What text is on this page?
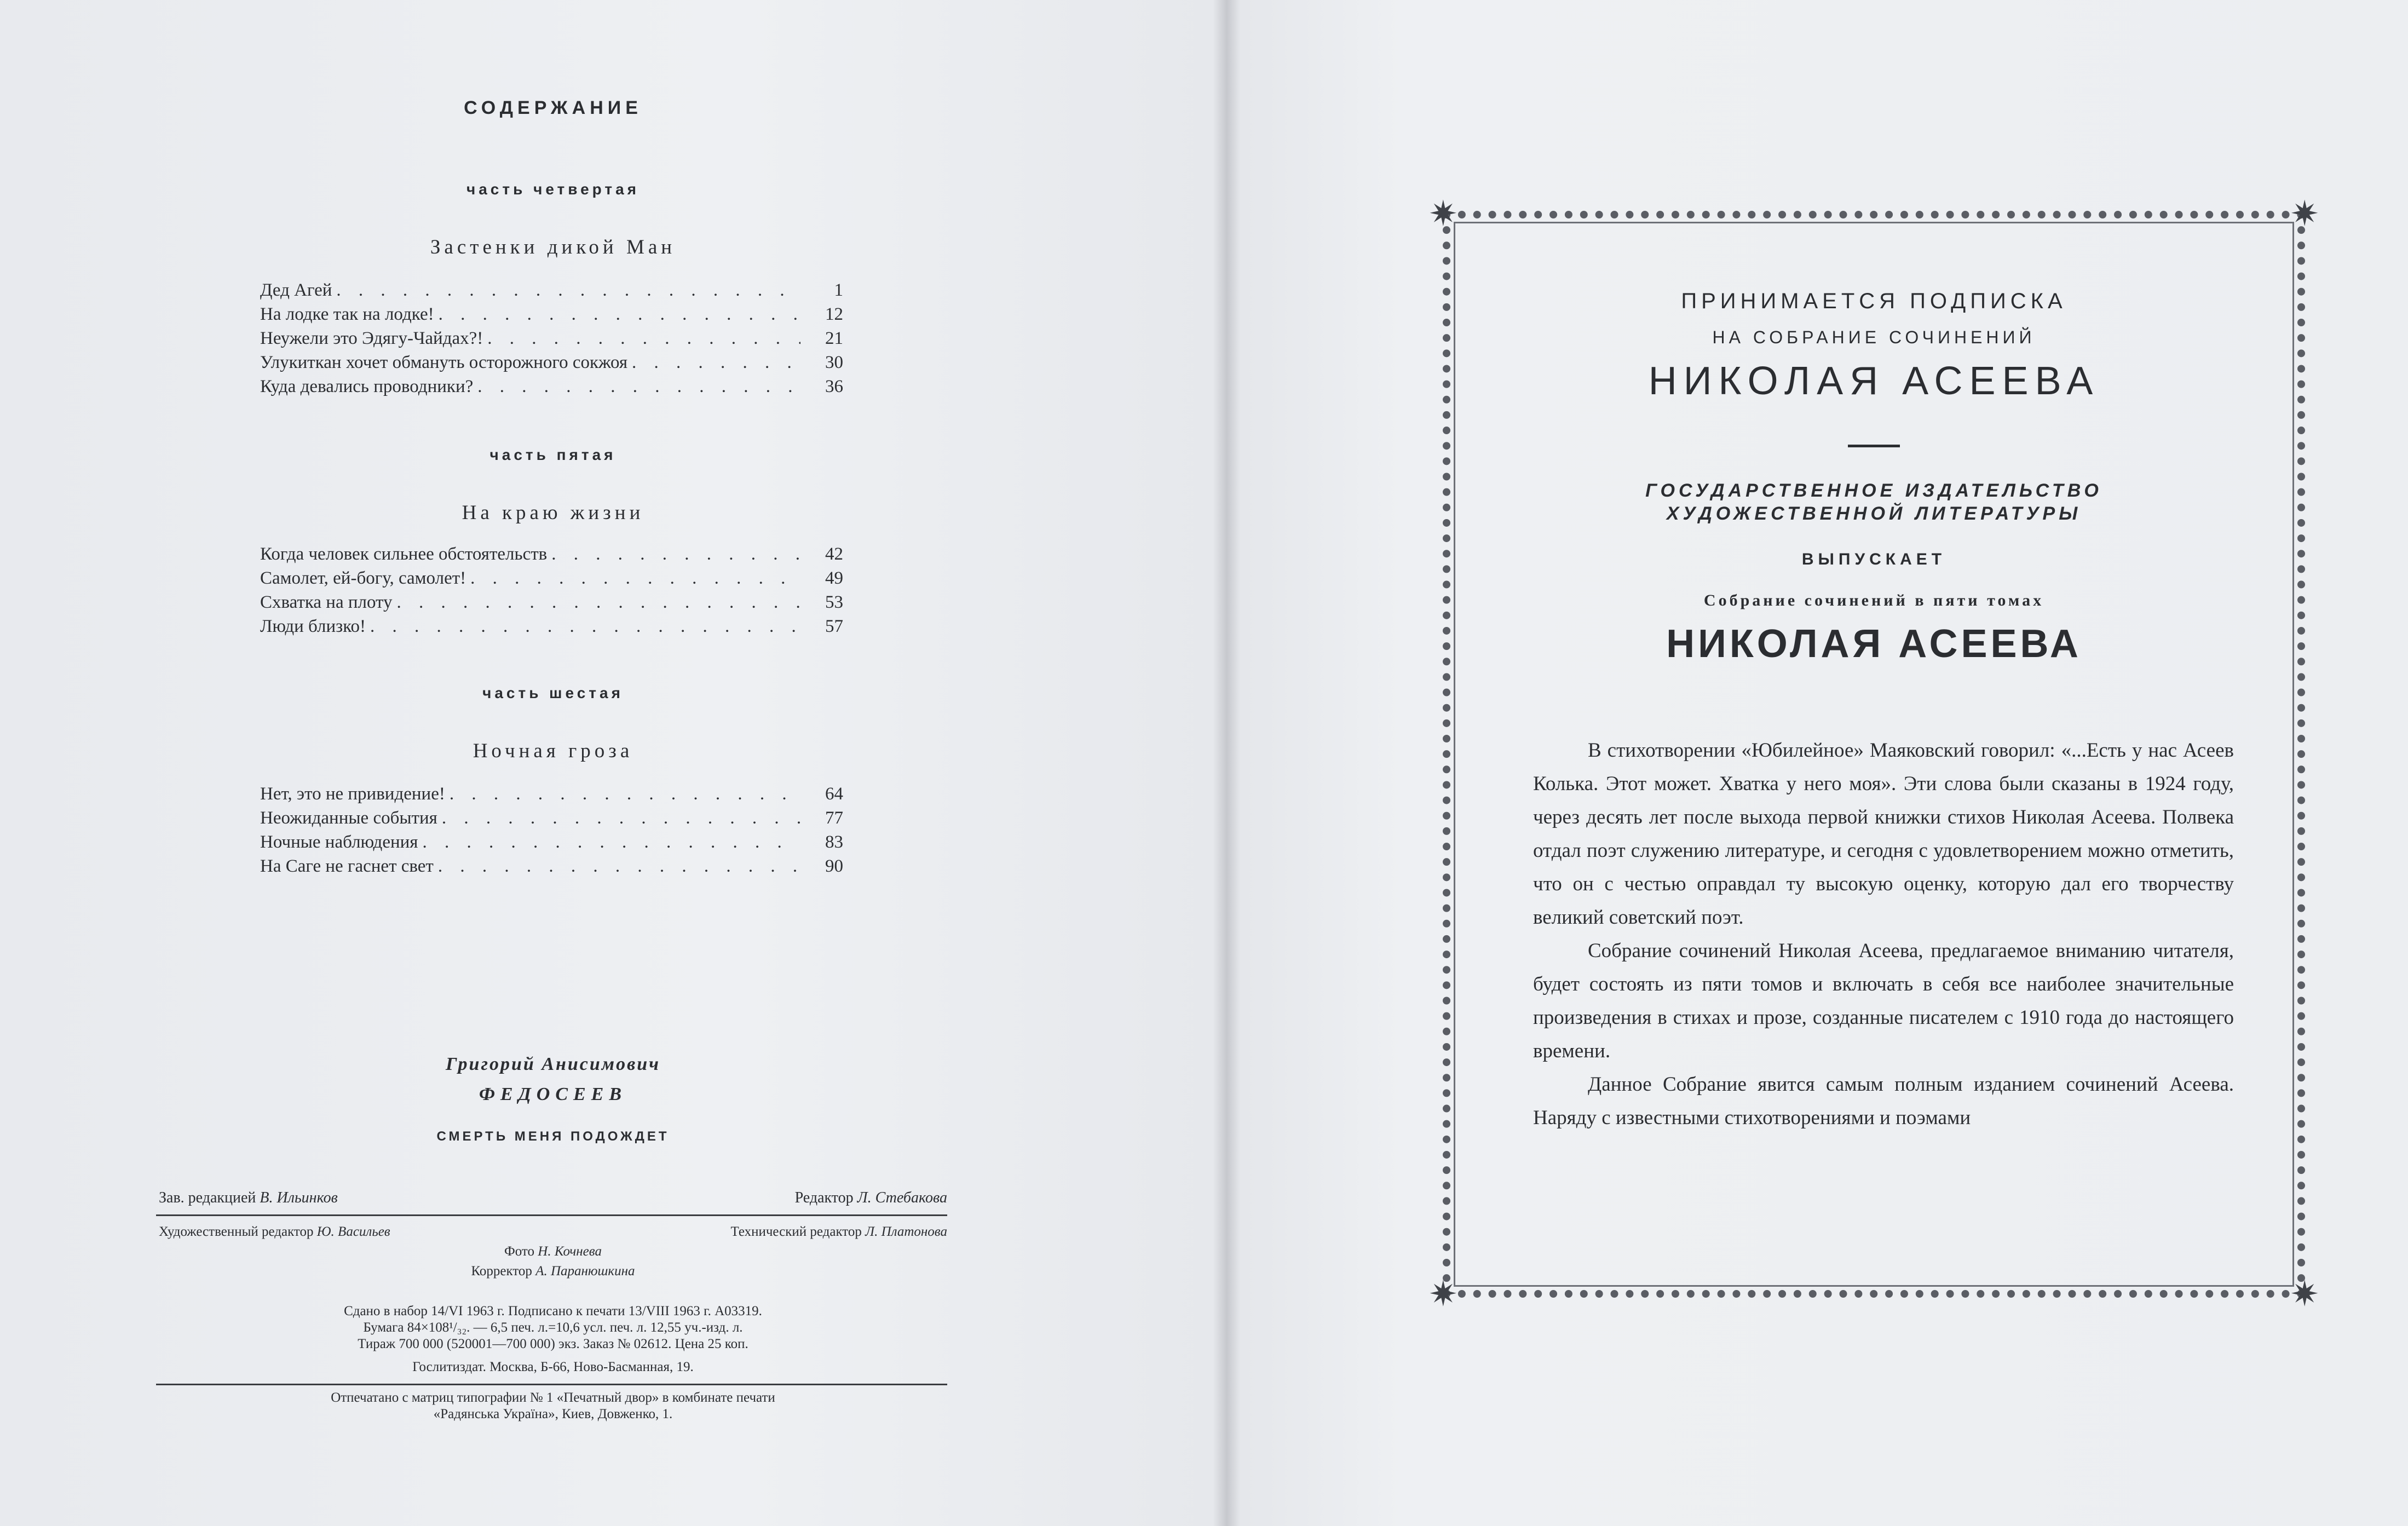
СОДЕРЖАНИЕ
часть четвертая
Застенки дикой Ман
Дед Агей . . .	1
На лодке так на лодке! . . .	12
Неужели это Эдягу-Чайдах?! . . .	21
Улукиткан хочет обмануть осторожного сокжоя . . .	30
Куда девались проводники? . . .	36
часть пятая
На краю жизни
Когда человек сильнее обстоятельств . . .	42
Самолет, ей-богу, самолет! . . .	49
Схватка на плоту . . .	53
Люди близко! . . .	57
часть шестая
Ночная гроза
Нет, это не привидение! . . .	64
Неожиданные события . . .	77
Ночные наблюдения . . .	83
На Саге не гаснет свет . . .	90
Григорий Анисимович
ФЕДОСЕЕВ
СМЕРТЬ МЕНЯ ПОДОЖДЕТ
Зав. редакцией В. Ильинков	Редактор Л. Стебакова
Художественный редактор Ю. Васильев	Технический редактор Л. Платонова
Фото Н. Кочнева
Корректор А. Паранюшкина
Сдано в набор 14/VI 1963 г. Подписано к печати 13/VIII 1963 г. А03319.
Бумага 84×108¹/₃₂. — 6,5 печ. л.=10,6 усл. печ. л. 12,55 уч.-изд. л.
Тираж 700 000 (520001—700 000) экз. Заказ № 02612. Цена 25 коп.
Гослитиздат. Москва, Б-66, Ново-Басманная, 19.
Отпечатано с матриц типографии № 1 «Печатный двор» в комбинате печати
«Радянська Україна», Киев, Довженко, 1.
✷	✷
✷	✷
ПРИНИМАЕТСЯ ПОДПИСКА
НА СОБРАНИЕ СОЧИНЕНИЙ
НИКОЛАЯ АСЕЕВА
ГОСУДАРСТВЕННОЕ ИЗДАТЕЛЬСТВО
ХУДОЖЕСТВЕННОЙ ЛИТЕРАТУРЫ
ВЫПУСКАЕТ
Собрание сочинений в пяти томах
НИКОЛАЯ АСЕЕВА

В стихотворении «Юбилейное» Маяковский говорил: «...Есть у нас Асеев Колька. Этот может. Хватка у него моя». Эти слова были сказаны в 1924 году, через десять лет после выхода первой книжки стихов Николая Асеева. Полвека отдал поэт служению литературе, и сегодня с удовлетворением можно отметить, что он с честью оправдал ту высокую оценку, которую дал его творчеству великий советский поэт.

Собрание сочинений Николая Асеева, предлагаемое вниманию читателя, будет состоять из пяти томов и включать в себя все наиболее значительные произведения в стихах и прозе, созданные писателем с 1910 года до настоящего времени.

Данное Собрание явится самым полным изданием сочинений Асеева. Наряду с известными стихотворениями и поэмами
